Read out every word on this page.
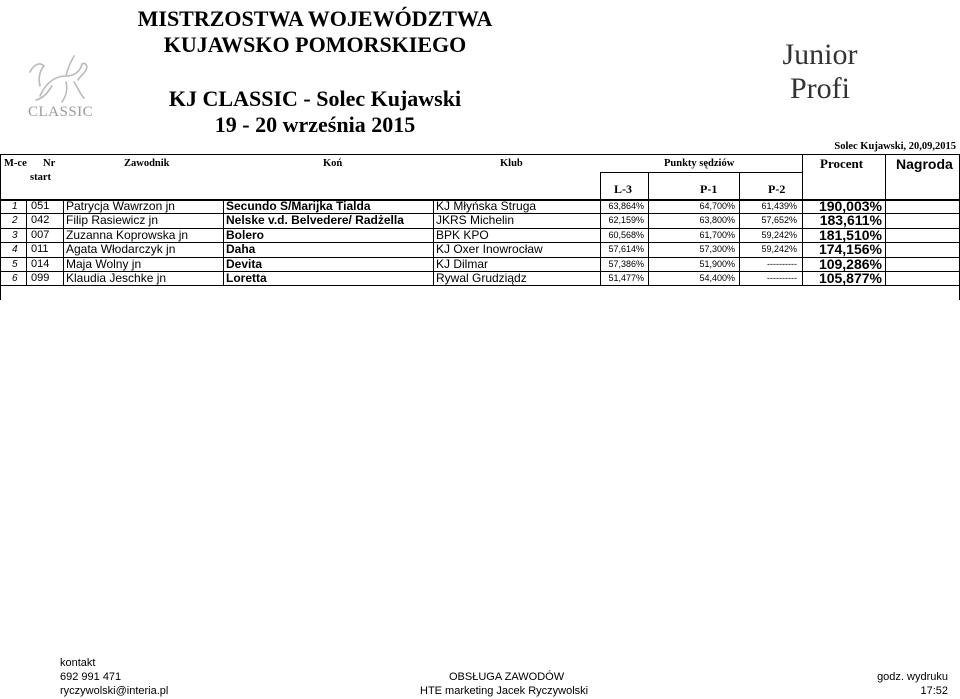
CLASSIC
MISTRZOSTWA WOJEWÓDZTWA
KUJAWSKO POMORSKIEGO
KJ CLASSIC - Solec Kujawski
19 - 20 września 2015
Junior
Profi
Solec Kujawski, 20,09,2015
M-ce Nr
start
Zawodnik	Koń	Klub	Punkty sędziów
L-3	P-1	P-2
Procent Nagroda
1 051 Patrycja Wawrzon jn	Secundo S/Marijka Tialda	KJ Młyńska Struga	63,864%	64,700%	61,439%	190,003%
2 042 Filip Rasiewicz jn	Nelske v.d. Belvedere/ Radżella	JKRS Michelin	62,159%	63,800%	57,652%	183,611%
3 007 Zuzanna Koprowska jn	Bolero	BPK KPO	60,568%	61,700%	59,242%	181,510%
4 011 Agata Włodarczyk jn	Daha	KJ Oxer Inowrocław	57,614%	57,300%	59,242%	174,156%
5 014 Maja Wolny jn	Devita	KJ Dilmar	57,386%	51,900%	----------	109,286%
6 099 Klaudia Jeschke jn	Loretta	Rywal Grudziądz	51,477%	54,400%	----------	105,877%
kontakt
692 991 471
ryczywolski@interia.pl
OBSŁUGA ZAWODÓW
HTE marketing Jacek Ryczywolski
godz. wydruku
17:52
